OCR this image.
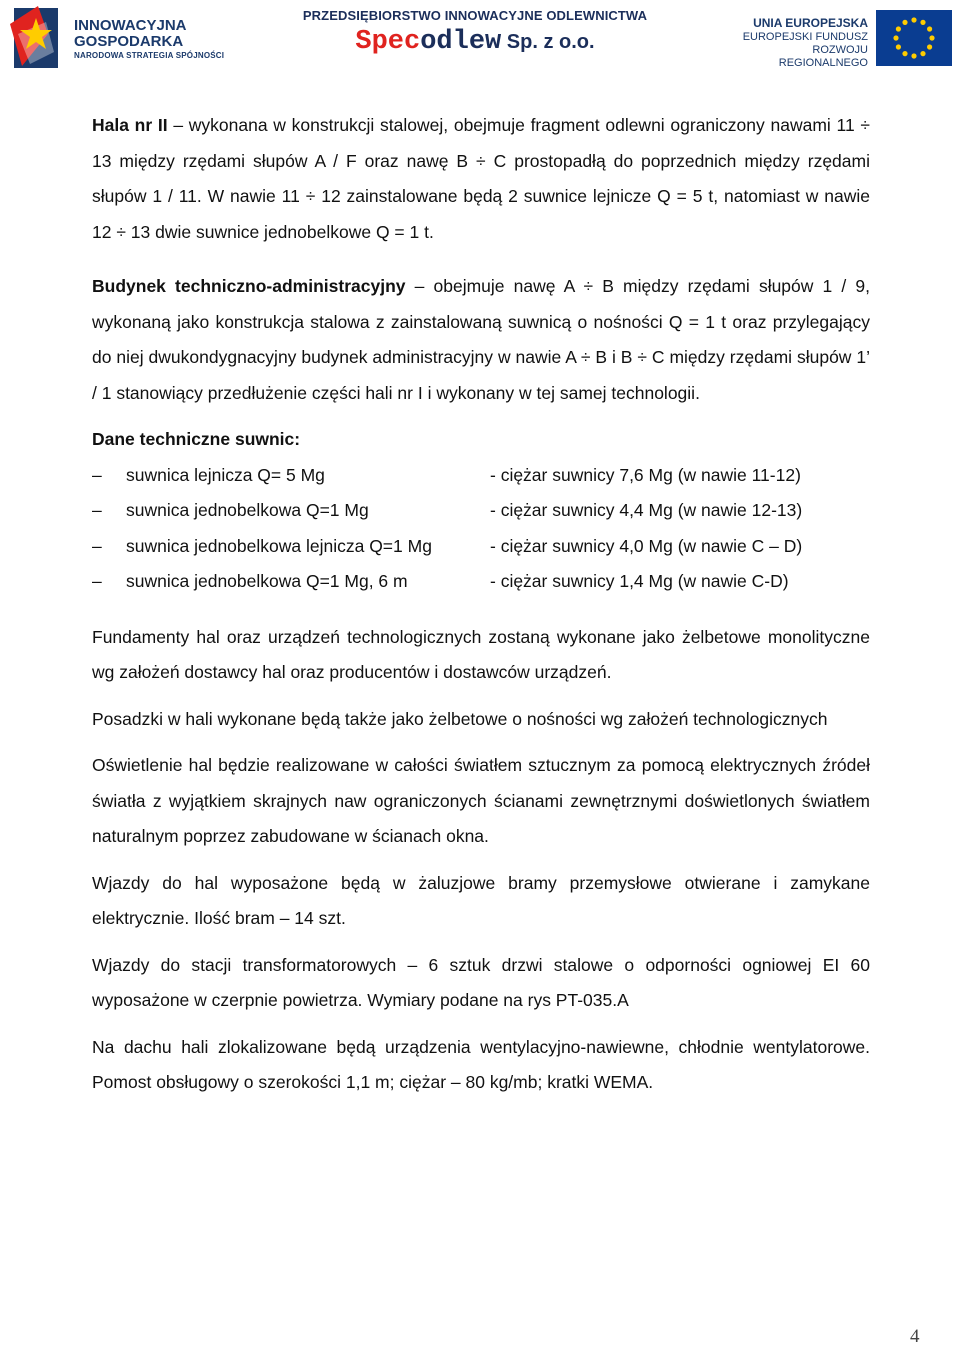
INNOWACYJNA
GOSPODARKA
NARODOWA STRATEGIA SPÓJNOŚCI
PRZEDSIĘBIORSTWO INNOWACYJNE ODLEWNICTWA
Specodlew Sp. z o.o.
UNIA EUROPEJSKA
EUROPEJSKI FUNDUSZ
ROZWOJU REGIONALNEGO

Hala nr II – wykonana w konstrukcji stalowej, obejmuje fragment odlewni ograniczony nawami 11 ÷ 13 między rzędami słupów A / F oraz nawę B ÷ C prostopadłą do poprzednich między rzędami słupów 1 / 11. W nawie 11 ÷ 12 zainstalowane będą 2 suwnice lejnicze Q = 5 t, natomiast w nawie 12 ÷ 13 dwie suwnice jednobelkowe Q = 1 t.

Budynek techniczno-administracyjny – obejmuje nawę A ÷ B między rzędami słupów 1 / 9, wykonaną jako konstrukcja stalowa z zainstalowaną suwnicą o nośności Q = 1 t oraz przylegający do niej dwukondygnacyjny budynek administracyjny w nawie A ÷ B i B ÷ C między rzędami słupów 1’ / 1 stanowiący przedłużenie części hali nr I i wykonany w tej samej technologii.

Dane techniczne suwnic:

– suwnica lejnicza Q= 5 Mg	- ciężar suwnicy 7,6 Mg (w nawie 11-12)
– suwnica jednobelkowa Q=1 Mg	- ciężar suwnicy 4,4 Mg (w nawie 12-13)
– suwnica jednobelkowa lejnicza Q=1 Mg	- ciężar suwnicy 4,0 Mg (w nawie C – D)
– suwnica jednobelkowa Q=1 Mg, 6 m	- ciężar suwnicy 1,4 Mg (w nawie C-D)

Fundamenty hal oraz urządzeń technologicznych zostaną wykonane jako żelbetowe monolityczne wg założeń dostawcy hal oraz producentów i dostawców urządzeń.

Posadzki w hali wykonane będą także jako żelbetowe o nośności wg założeń technologicznych

Oświetlenie hal będzie realizowane w całości światłem sztucznym za pomocą elektrycznych źródeł światła z wyjątkiem skrajnych naw ograniczonych ścianami zewnętrznymi doświetlonych światłem naturalnym poprzez zabudowane w ścianach okna.

Wjazdy do hal wyposażone będą w żaluzjowe bramy przemysłowe otwierane i zamykane elektrycznie. Ilość bram – 14 szt.

Wjazdy do stacji transformatorowych – 6 sztuk drzwi stalowe o odporności ogniowej EI 60 wyposażone w czerpnie powietrza. Wymiary podane na rys PT-035.A

Na dachu hali zlokalizowane będą urządzenia wentylacyjno-nawiewne, chłodnie wentylatorowe. Pomost obsługowy o szerokości 1,1 m; ciężar – 80 kg/mb; kratki WEMA.

4
